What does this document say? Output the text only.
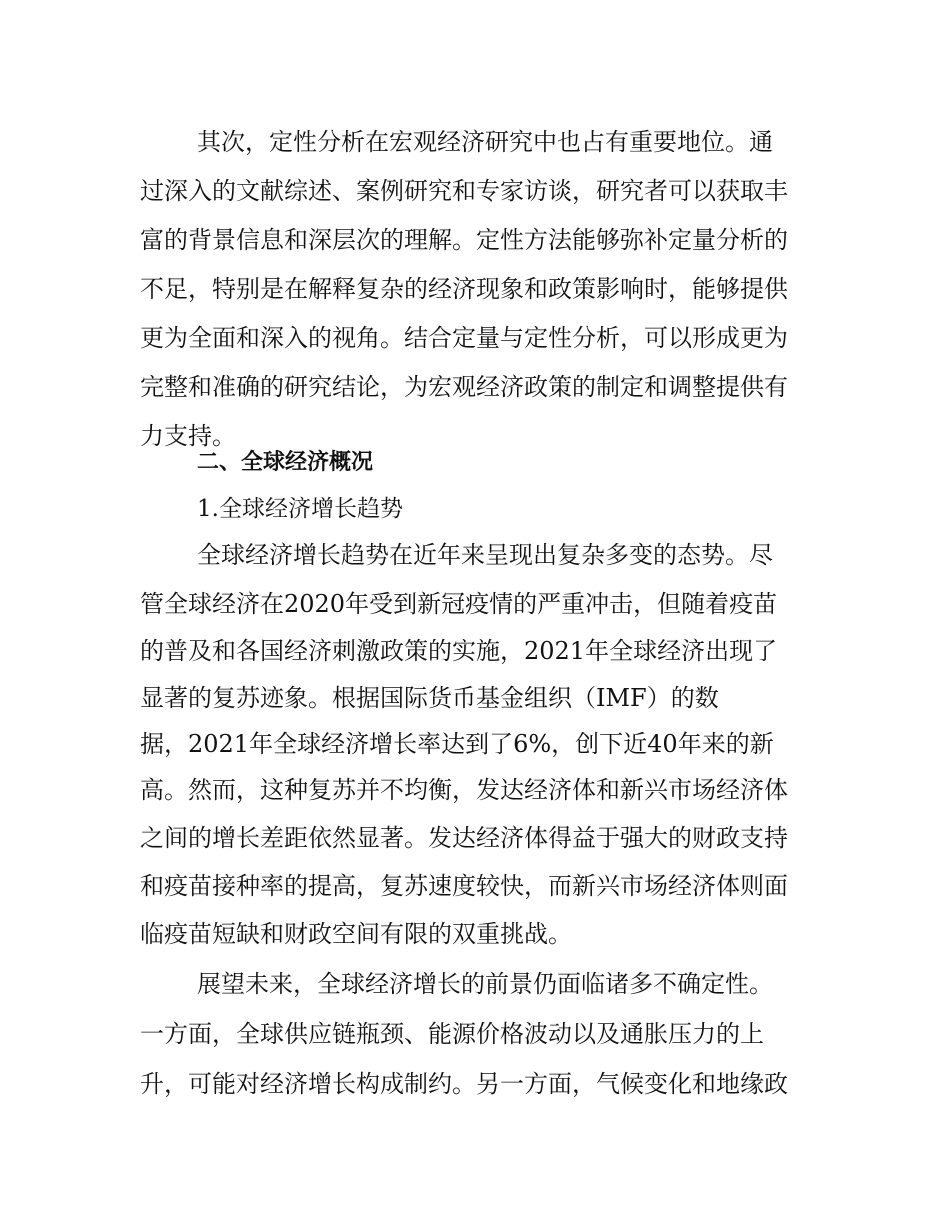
其次，定性分析在宏观经济研究中也占有重要地位。通
过深入的文献综述、案例研究和专家访谈，研究者可以获取丰
富的背景信息和深层次的理解。定性方法能够弥补定量分析的
不足，特别是在解释复杂的经济现象和政策影响时，能够提供
更为全面和深入的视角。结合定量与定性分析，可以形成更为
完整和准确的研究结论，为宏观经济政策的制定和调整提供有
力支持。
二、全球经济概况
1.全球经济增长趋势
全球经济增长趋势在近年来呈现出复杂多变的态势。尽
管全球经济在2020年受到新冠疫情的严重冲击，但随着疫苗
的普及和各国经济刺激政策的实施，2021年全球经济出现了
显著的复苏迹象。根据国际货币基金组织（IMF）的数
据，2021年全球经济增长率达到了6%，创下近40年来的新
高。然而，这种复苏并不均衡，发达经济体和新兴市场经济体
之间的增长差距依然显著。发达经济体得益于强大的财政支持
和疫苗接种率的提高，复苏速度较快，而新兴市场经济体则面
临疫苗短缺和财政空间有限的双重挑战。
展望未来，全球经济增长的前景仍面临诸多不确定性。
一方面，全球供应链瓶颈、能源价格波动以及通胀压力的上
升，可能对经济增长构成制约。另一方面，气候变化和地缘政
